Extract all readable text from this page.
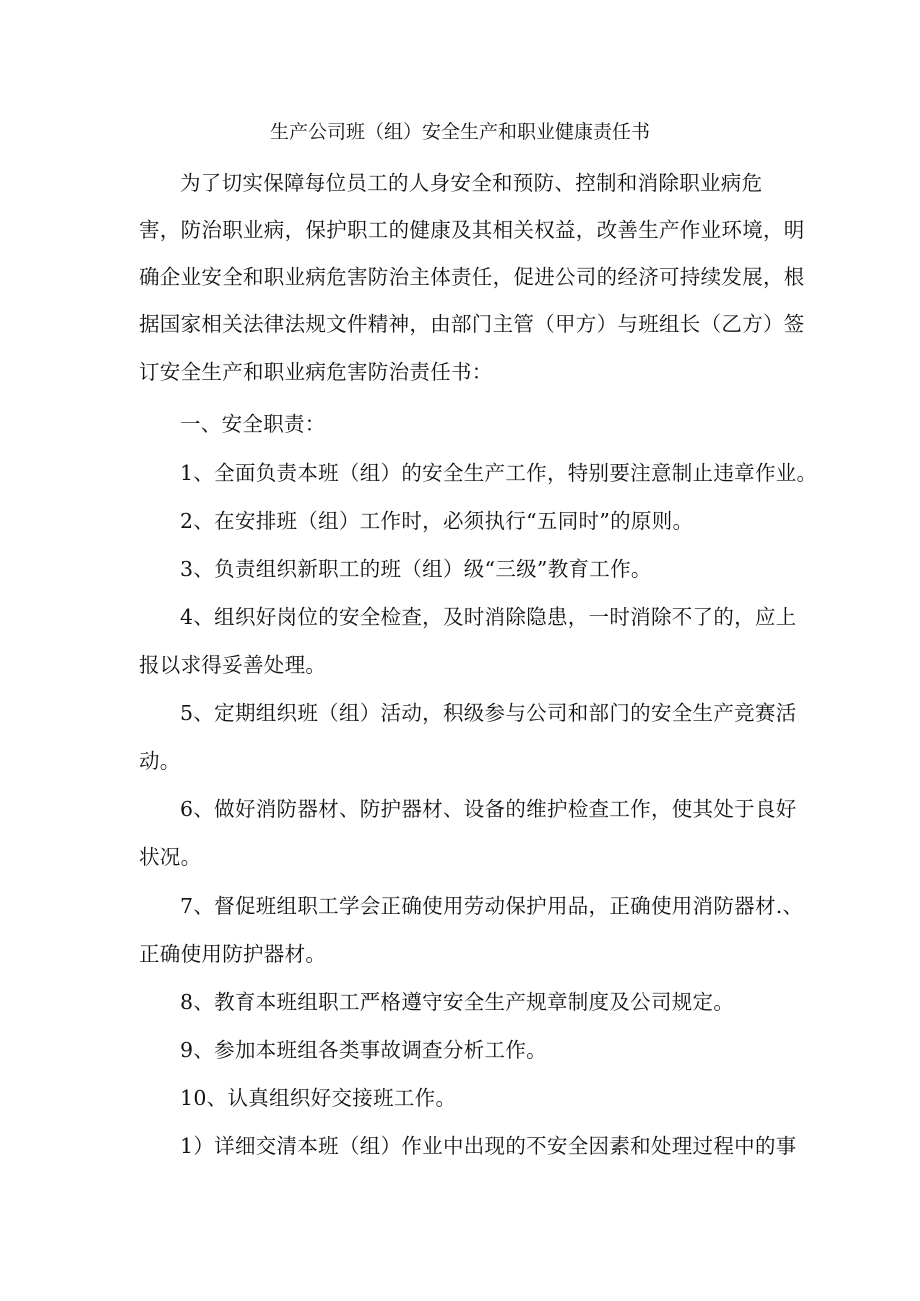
生产公司班（组）安全生产和职业健康责任书
为了切实保障每位员工的人身安全和预防、控制和消除职业病危
害，防治职业病，保护职工的健康及其相关权益，改善生产作业环境，明
确企业安全和职业病危害防治主体责任，促进公司的经济可持续发展，根
据国家相关法律法规文件精神，由部门主管（甲方）与班组长（乙方）签
订安全生产和职业病危害防治责任书：
一、安全职责：
1、全面负责本班（组）的安全生产工作，特别要注意制止违章作业。
2、在安排班（组）工作时，必须执行“五同时”的原则。
3、负责组织新职工的班（组）级“三级”教育工作。
4、组织好岗位的安全检查，及时消除隐患，一时消除不了的，应上
报以求得妥善处理。
5、定期组织班（组）活动，积级参与公司和部门的安全生产竞赛活
动。
6、做好消防器材、防护器材、设备的维护检查工作，使其处于良好
状况。
7、督促班组职工学会正确使用劳动保护用品，正确使用消防器材.、
正确使用防护器材。
8、教育本班组职工严格遵守安全生产规章制度及公司规定。
9、参加本班组各类事故调查分析工作。
10、认真组织好交接班工作。
1）详细交清本班（组）作业中出现的不安全因素和处理过程中的事
